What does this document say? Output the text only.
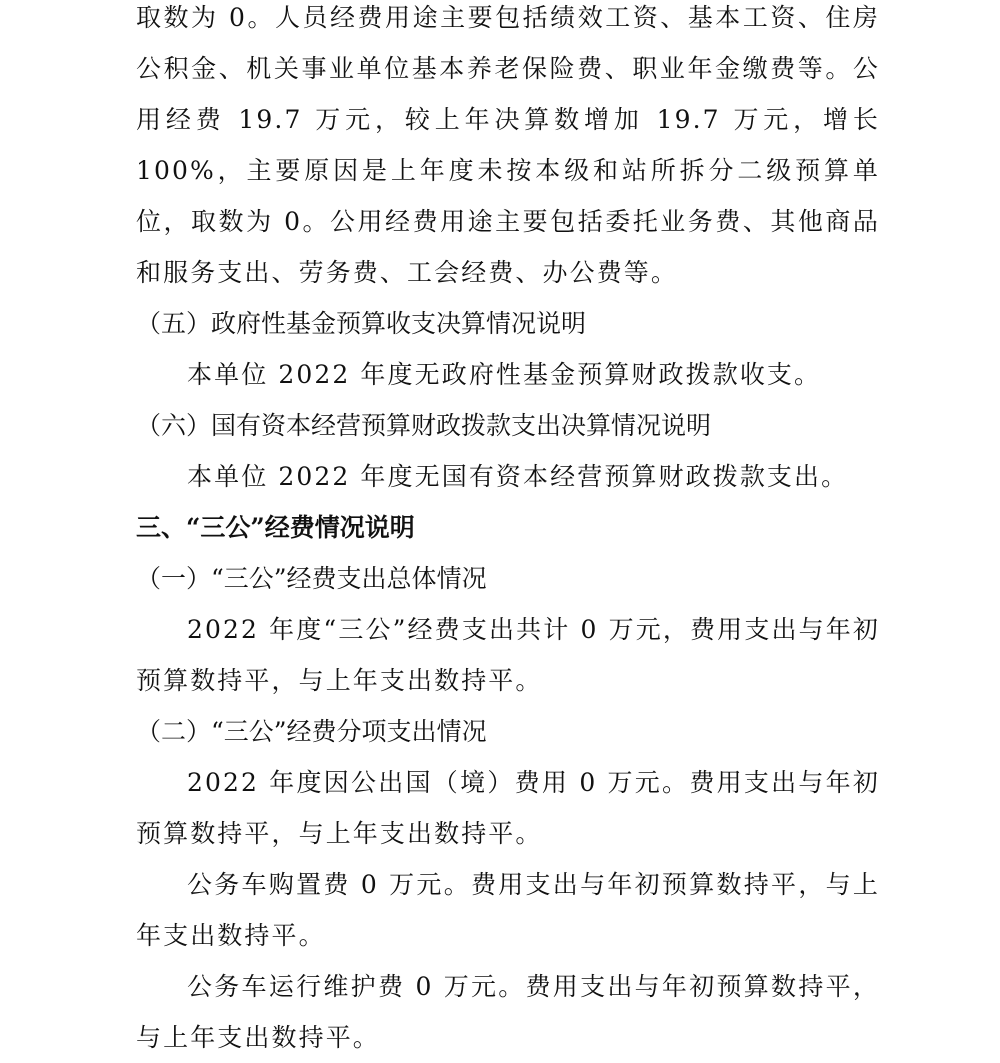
取数为 0。人员经费用途主要包括绩效工资、基本工资、住房公积金、机关事业单位基本养老保险费、职业年金缴费等。公用经费 19.7 万元，较上年决算数增加 19.7 万元，增长 100%，主要原因是上年度未按本级和站所拆分二级预算单位，取数为 0。公用经费用途主要包括委托业务费、其他商品和服务支出、劳务费、工会经费、办公费等。

（五）政府性基金预算收支决算情况说明

本单位 2022 年度无政府性基金预算财政拨款收支。

（六）国有资本经营预算财政拨款支出决算情况说明

本单位 2022 年度无国有资本经营预算财政拨款支出。

三、“三公”经费情况说明

（一）“三公”经费支出总体情况

2022 年度“三公”经费支出共计 0 万元，费用支出与年初预算数持平，与上年支出数持平。

（二）“三公”经费分项支出情况

2022 年度因公出国（境）费用 0 万元。费用支出与年初预算数持平，与上年支出数持平。

公务车购置费 0 万元。费用支出与年初预算数持平，与上年支出数持平。

公务车运行维护费 0 万元。费用支出与年初预算数持平，与上年支出数持平。
